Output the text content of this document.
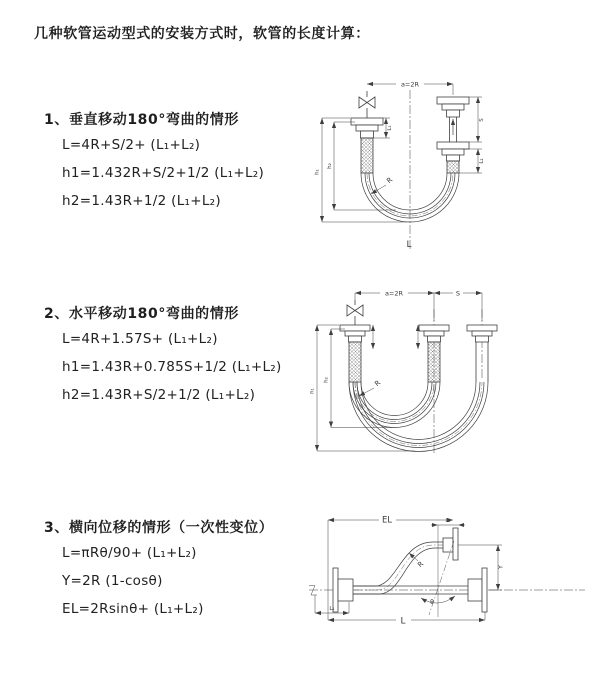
几种软管运动型式的安装方式时，软管的长度计算：
1、垂直移动180°弯曲的情形
L=4R+S/2+ (L₁+L₂)
h1=1.432R+S/2+1/2 (L₁+L₂)
h2=1.43R+1/2 (L₁+L₂)
2、水平移动180°弯曲的情形
L=4R+1.57S+ (L₁+L₂)
h1=1.43R+0.785S+1/2 (L₁+L₂)
h2=1.43R+S/2+1/2 (L₁+L₂)
3、横向位移的情形（一次性变位）
L=πRθ/90+ (L₁+L₂)
Y=2R (1-cosθ)
EL=2Rsinθ+ (L₁+L₂)
a=2R
h₁
h₂
L₁
S
L₂
R
L
a=2R	S
h₁
h₂	R
EL	L₂
Y
L
L₁
R
θ
